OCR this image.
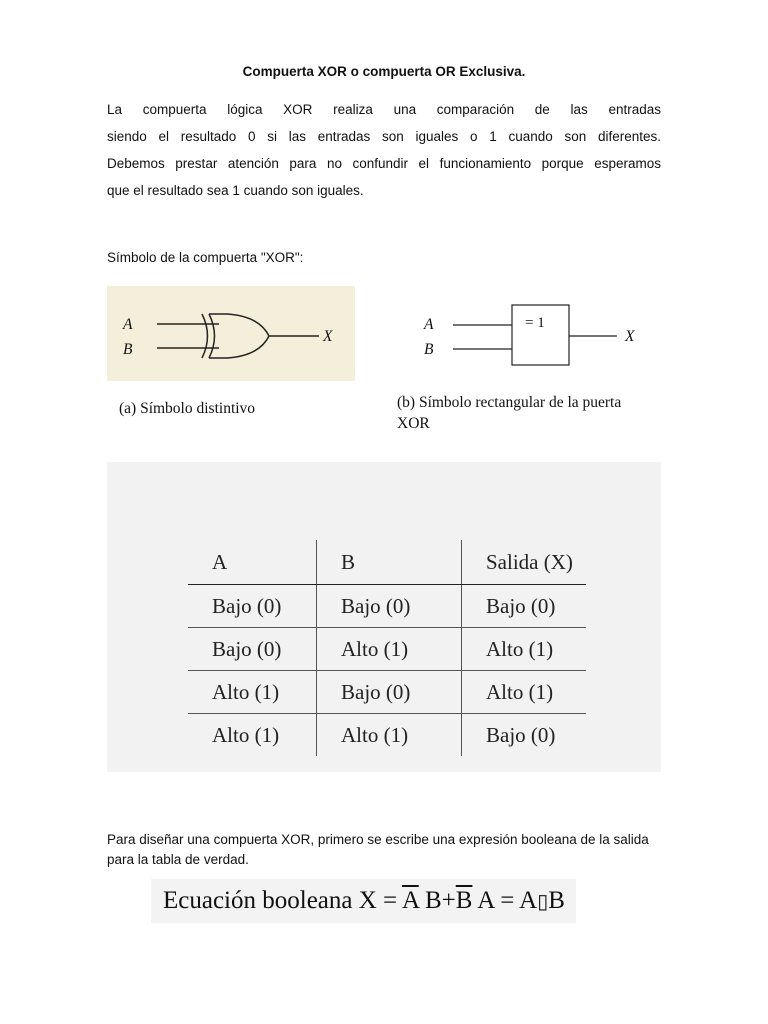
Compuerta XOR o compuerta OR Exclusiva.
La compuerta lógica XOR realiza una comparación de las entradas
siendo el resultado 0 si las entradas son iguales o 1 cuando son diferentes.
Debemos prestar atención para no confundir el funcionamiento porque esperamos
que el resultado sea 1 cuando son iguales.
Símbolo de la compuerta "XOR":
A
B
X
(a) Símbolo distintivo
A
B
X
= 1
(b) Símbolo rectangular de la puerta
XOR
A	B	Salida (X)
Bajo (0)	Bajo (0)	Bajo (0)
Bajo (0)	Alto (1)	Alto (1)
Alto (1)	Bajo (0)	Alto (1)
Alto (1)	Alto (1)	Bajo (0)
Para diseñar una compuerta XOR, primero se escribe una expresión booleana de la salida para la tabla de verdad.
Ecuación booleana $X = \overline{A}$ $B+\overline{B}$ A = A▯B
